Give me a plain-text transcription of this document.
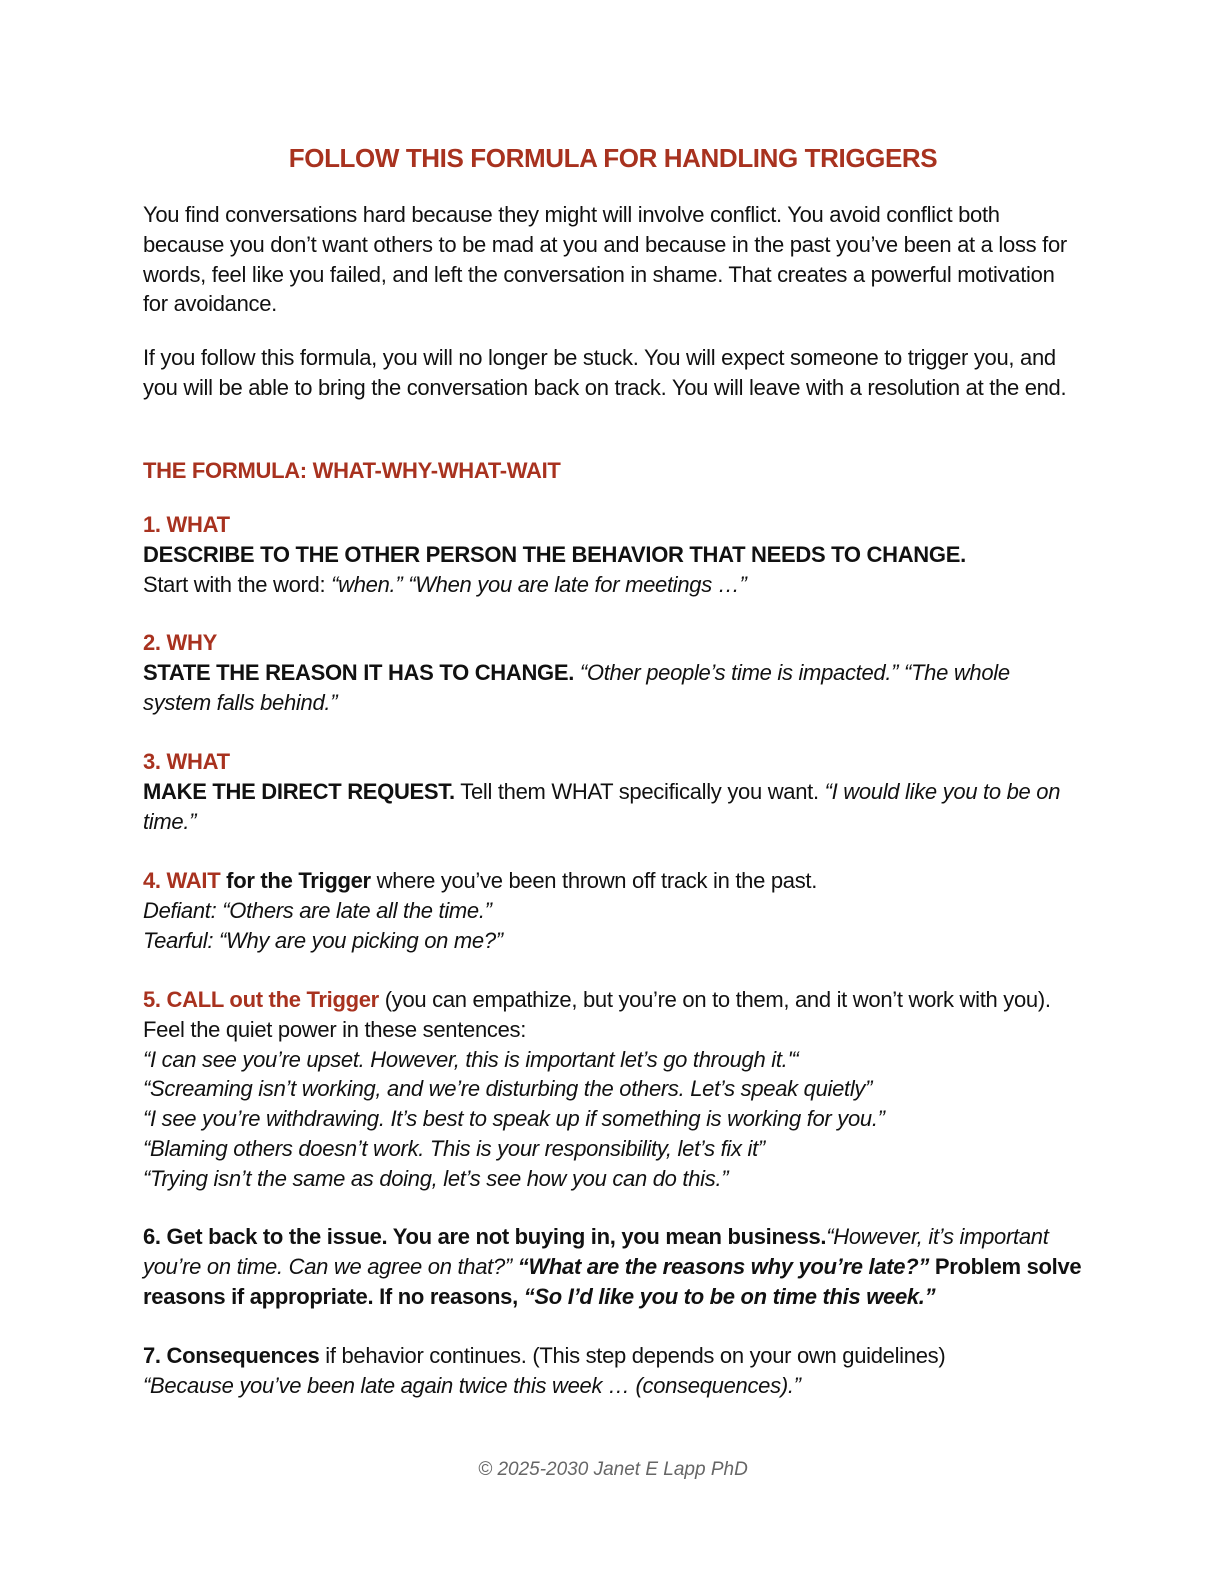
FOLLOW THIS FORMULA FOR HANDLING TRIGGERS

You find conversations hard because they might will involve conflict. You avoid conflict both because you don’t want others to be mad at you and because in the past you’ve been at a loss for words, feel like you failed, and left the conversation in shame. That creates a powerful motivation for avoidance.

If you follow this formula, you will no longer be stuck. You will expect someone to trigger you, and you will be able to bring the conversation back on track. You will leave with a resolution at the end.

THE FORMULA: WHAT-WHY-WHAT-WAIT

1. WHAT
DESCRIBE TO THE OTHER PERSON THE BEHAVIOR THAT NEEDS TO CHANGE.
Start with the word: “when.” “When you are late for meetings …”
2. WHY
STATE THE REASON IT HAS TO CHANGE. “Other people’s time is impacted.” “The whole system falls behind.”
3. WHAT
MAKE THE DIRECT REQUEST. Tell them WHAT specifically you want. “I would like you to be on time.”
4. WAIT for the Trigger where you’ve been thrown off track in the past.
Defiant: “Others are late all the time.”
Tearful: “Why are you picking on me?”
5. CALL out the Trigger (you can empathize, but you’re on to them, and it won’t work with you). Feel the quiet power in these sentences:
“I can see you’re upset. However, this is important let’s go through it.'“
“Screaming isn’t working, and we’re disturbing the others. Let’s speak quietly”
“I see you’re withdrawing. It’s best to speak up if something is working for you.”
“Blaming others doesn’t work. This is your responsibility, let’s fix it”
“Trying isn’t the same as doing, let’s see how you can do this.”
6. Get back to the issue. You are not buying in, you mean business.“However, it’s important you’re on time. Can we agree on that?” “What are the reasons why you’re late?” Problem solve reasons if appropriate. If no reasons, “So I’d like you to be on time this week.”
7. Consequences if behavior continues. (This step depends on your own guidelines)
“Because you’ve been late again twice this week … (consequences).”

© 2025-2030 Janet E Lapp PhD
